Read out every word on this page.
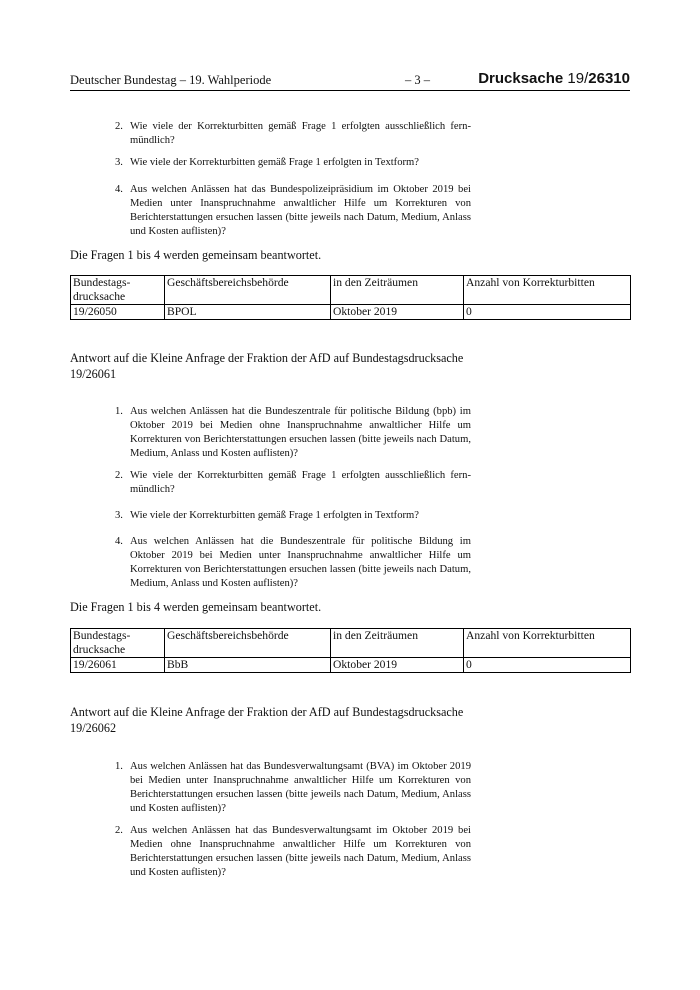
Deutscher Bundestag – 19. Wahlperiode	– 3 –	Drucksache 19/26310
2. Wie viele der Korrekturbitten gemäß Frage 1 erfolgten ausschließlich fernmündlich?
3. Wie viele der Korrekturbitten gemäß Frage 1 erfolgten in Textform?
4. Aus welchen Anlässen hat das Bundespolizeipräsidium im Oktober 2019 bei Medien unter Inanspruchnahme anwaltlicher Hilfe um Korrekturen von Berichterstattungen ersuchen lassen (bitte jeweils nach Datum, Medium, Anlass und Kosten auflisten)?
Die Fragen 1 bis 4 werden gemeinsam beantwortet.
Bundestagsdrucksache	Geschäftsbereichsbehörde	in den Zeiträumen	Anzahl von Korrekturbitten
19/26050	BPOL	Oktober 2019	0
Antwort auf die Kleine Anfrage der Fraktion der AfD auf Bundestagsdrucksache 19/26061
1. Aus welchen Anlässen hat die Bundeszentrale für politische Bildung (bpb) im Oktober 2019 bei Medien ohne Inanspruchnahme anwaltlicher Hilfe um Korrekturen von Berichterstattungen ersuchen lassen (bitte jeweils nach Datum, Medium, Anlass und Kosten auflisten)?
2. Wie viele der Korrekturbitten gemäß Frage 1 erfolgten ausschließlich fernmündlich?
3. Wie viele der Korrekturbitten gemäß Frage 1 erfolgten in Textform?
4. Aus welchen Anlässen hat die Bundeszentrale für politische Bildung im Oktober 2019 bei Medien unter Inanspruchnahme anwaltlicher Hilfe um Korrekturen von Berichterstattungen ersuchen lassen (bitte jeweils nach Datum, Medium, Anlass und Kosten auflisten)?
Die Fragen 1 bis 4 werden gemeinsam beantwortet.
Bundestagsdrucksache	Geschäftsbereichsbehörde	in den Zeiträumen	Anzahl von Korrekturbitten
19/26061	BbB	Oktober 2019	0
Antwort auf die Kleine Anfrage der Fraktion der AfD auf Bundestagsdrucksache 19/26062
1. Aus welchen Anlässen hat das Bundesverwaltungsamt (BVA) im Oktober 2019 bei Medien unter Inanspruchnahme anwaltlicher Hilfe um Korrekturen von Berichterstattungen ersuchen lassen (bitte jeweils nach Datum, Medium, Anlass und Kosten auflisten)?
2. Aus welchen Anlässen hat das Bundesverwaltungsamt im Oktober 2019 bei Medien ohne Inanspruchnahme anwaltlicher Hilfe um Korrekturen von Berichterstattungen ersuchen lassen (bitte jeweils nach Datum, Medium, Anlass und Kosten auflisten)?
